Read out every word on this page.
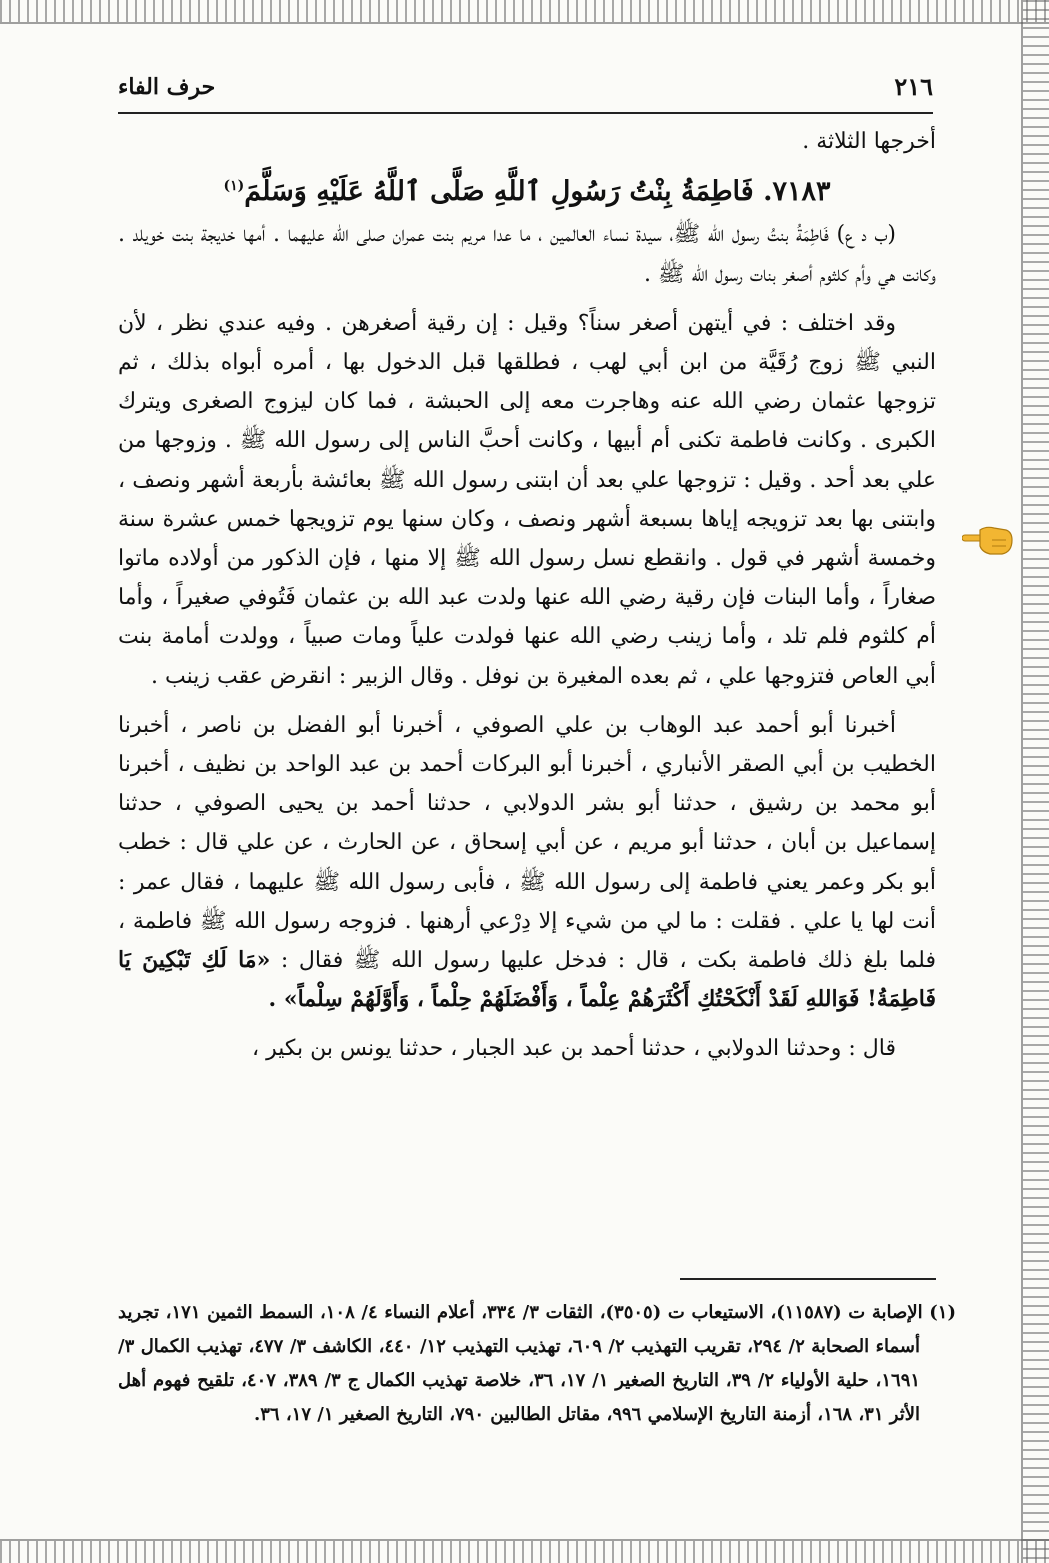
٢١٦
حرف الفاء

أخرجها الثلاثة .

٧١٨٣. فَاطِمَةُ بِنْتُ رَسُولِ ٱللَّهِ صَلَّى ٱللَّهُ عَلَيْهِ وَسَلَّمَ$^{(١)}$

(ب د ع) فَاطِمَةُ بنتُ رسول الله ﷺ، سيدة نساء العالمين ، ما عدا مريم بنت عمران صلى الله عليهما . أمها خديجة بنت خويلد . وكانت هي وأم كلثوم أصغر بنات رسول الله ﷺ .

وقد اختلف : في أيتهن أصغر سناً؟ وقيل : إن رقية أصغرهن . وفيه عندي نظر ، لأن النبي ﷺ زوج رُقَيَّة من ابن أبي لهب ، فطلقها قبل الدخول بها ، أمره أبواه بذلك ، ثم تزوجها عثمان رضي الله عنه وهاجرت معه إلى الحبشة ، فما كان ليزوج الصغرى ويترك الكبرى . وكانت فاطمة تكنى أم أبيها ، وكانت أحبَّ الناس إلى رسول الله ﷺ . وزوجها من علي بعد أحد . وقيل : تزوجها علي بعد أن ابتنى رسول الله ﷺ بعائشة بأربعة أشهر ونصف ، وابتنى بها بعد تزويجه إياها بسبعة أشهر ونصف ، وكان سنها يوم تزويجها خمس عشرة سنة وخمسة أشهر في قول . وانقطع نسل رسول الله ﷺ إلا منها ، فإن الذكور من أولاده ماتوا صغاراً ، وأما البنات فإن رقية رضي الله عنها ولدت عبد الله بن عثمان فَتُوفي صغيراً ، وأما أم كلثوم فلم تلد ، وأما زينب رضي الله عنها فولدت علياً ومات صبياً ، وولدت أمامة بنت أبي العاص فتزوجها علي ، ثم بعده المغيرة بن نوفل . وقال الزبير : انقرض عقب زينب .

أخبرنا أبو أحمد عبد الوهاب بن علي الصوفي ، أخبرنا أبو الفضل بن ناصر ، أخبرنا الخطيب بن أبي الصقر الأنباري ، أخبرنا أبو البركات أحمد بن عبد الواحد بن نظيف ، أخبرنا أبو محمد بن رشيق ، حدثنا أبو بشر الدولابي ، حدثنا أحمد بن يحيى الصوفي ، حدثنا إسماعيل بن أبان ، حدثنا أبو مريم ، عن أبي إسحاق ، عن الحارث ، عن علي قال : خطب أبو بكر وعمر يعني فاطمة إلى رسول الله ﷺ ، فأبى رسول الله ﷺ عليهما ، فقال عمر : أنت لها يا علي . فقلت : ما لي من شيء إلا دِرْعي أرهنها . فزوجه رسول الله ﷺ فاطمة ، فلما بلغ ذلك فاطمة بكت ، قال : فدخل عليها رسول الله ﷺ فقال : «مَا لَكِ تَبْكِينَ يَا فَاطِمَةُ! فَوَاللهِ لَقَدْ أَنْكَحْتُكِ أَكْثَرَهُمْ عِلْماً ، وَأَفْضَلَهُمْ حِلْماً ، وَأَوَّلَهُمْ سِلْماً» .

قال : وحدثنا الدولابي ، حدثنا أحمد بن عبد الجبار ، حدثنا يونس بن بكير ،

(١) الإصابة ت (١١٥٨٧)، الاستيعاب ت (٣٥٠٥)، الثقات ٣/ ٣٣٤، أعلام النساء ٤/ ١٠٨، السمط الثمين ١٧١، تجريد أسماء الصحابة ٢/ ٢٩٤، تقريب التهذيب ٢/ ٦٠٩، تهذيب التهذيب ١٢/ ٤٤٠، الكاشف ٣/ ٤٧٧، تهذيب الكمال ٣/ ١٦٩١، حلية الأولياء ٢/ ٣٩، التاريخ الصغير ١/ ١٧، ٣٦، خلاصة تهذيب الكمال ج ٣/ ٣٨٩، ٤٠٧، تلقيح فهوم أهل الأثر ٣١، ١٦٨، أزمنة التاريخ الإسلامي ٩٩٦، مقاتل الطالبين ٧٩٠، التاريخ الصغير ١/ ١٧، ٣٦.
